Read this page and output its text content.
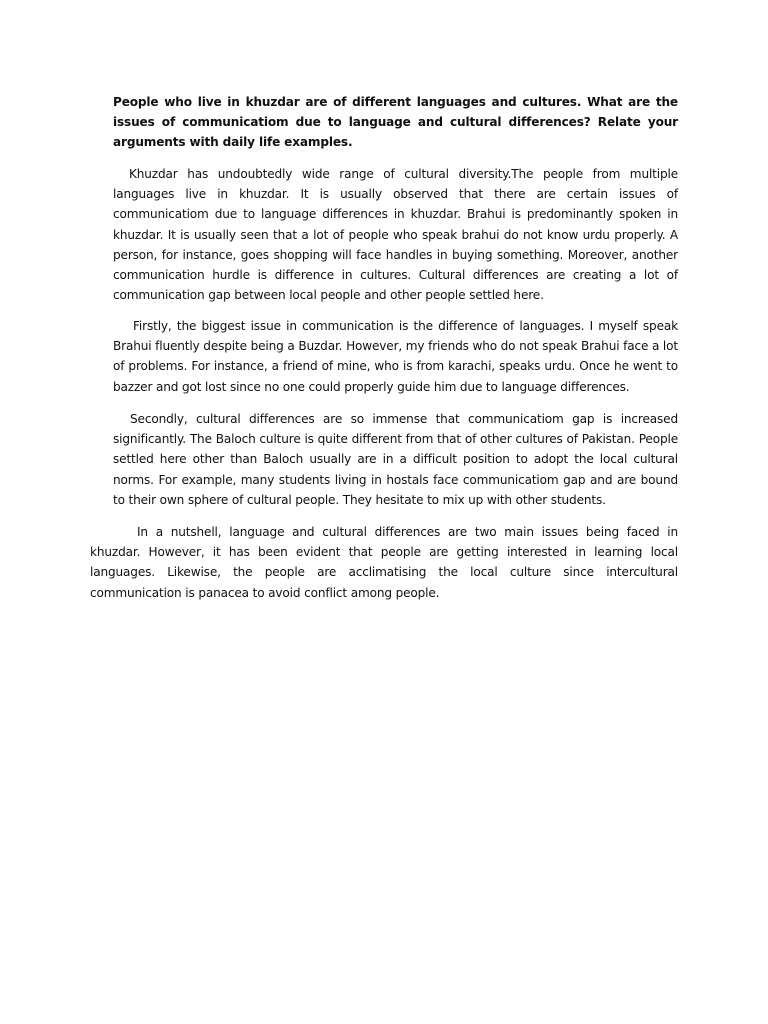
People who live in khuzdar are of different languages and cultures. What are the issues of communicatiom due to language and cultural differences? Relate your arguments with daily life examples.

Khuzdar has undoubtedly wide range of cultural diversity.The people from multiple languages live in khuzdar. It is usually observed that there are certain issues of communicatiom due to language differences in khuzdar. Brahui is predominantly spoken in khuzdar. It is usually seen that a lot of people who speak brahui do not know urdu properly. A person, for instance, goes shopping will face handles in buying something. Moreover, another communication hurdle is difference in cultures. Cultural differences are creating a lot of communication gap between local people and other people settled here.

Firstly, the biggest issue in communication is the difference of languages. I myself speak Brahui fluently despite being a Buzdar. However, my friends who do not speak Brahui face a lot of problems. For instance, a friend of mine, who is from karachi, speaks urdu. Once he went to bazzer and got lost since no one could properly guide him due to language differences.

Secondly, cultural differences are so immense that communicatiom gap is increased significantly. The Baloch culture is quite different from that of other cultures of Pakistan. People settled here other than Baloch usually are in a difficult position to adopt the local cultural norms. For example, many students living in hostals face communicatiom gap and are bound to their own sphere of cultural people. They hesitate to mix up with other students.

In a nutshell, language and cultural differences are two main issues being faced in khuzdar. However, it has been evident that people are getting interested in learning local languages. Likewise, the people are acclimatising the local culture since intercultural communication is panacea to avoid conflict among people.
